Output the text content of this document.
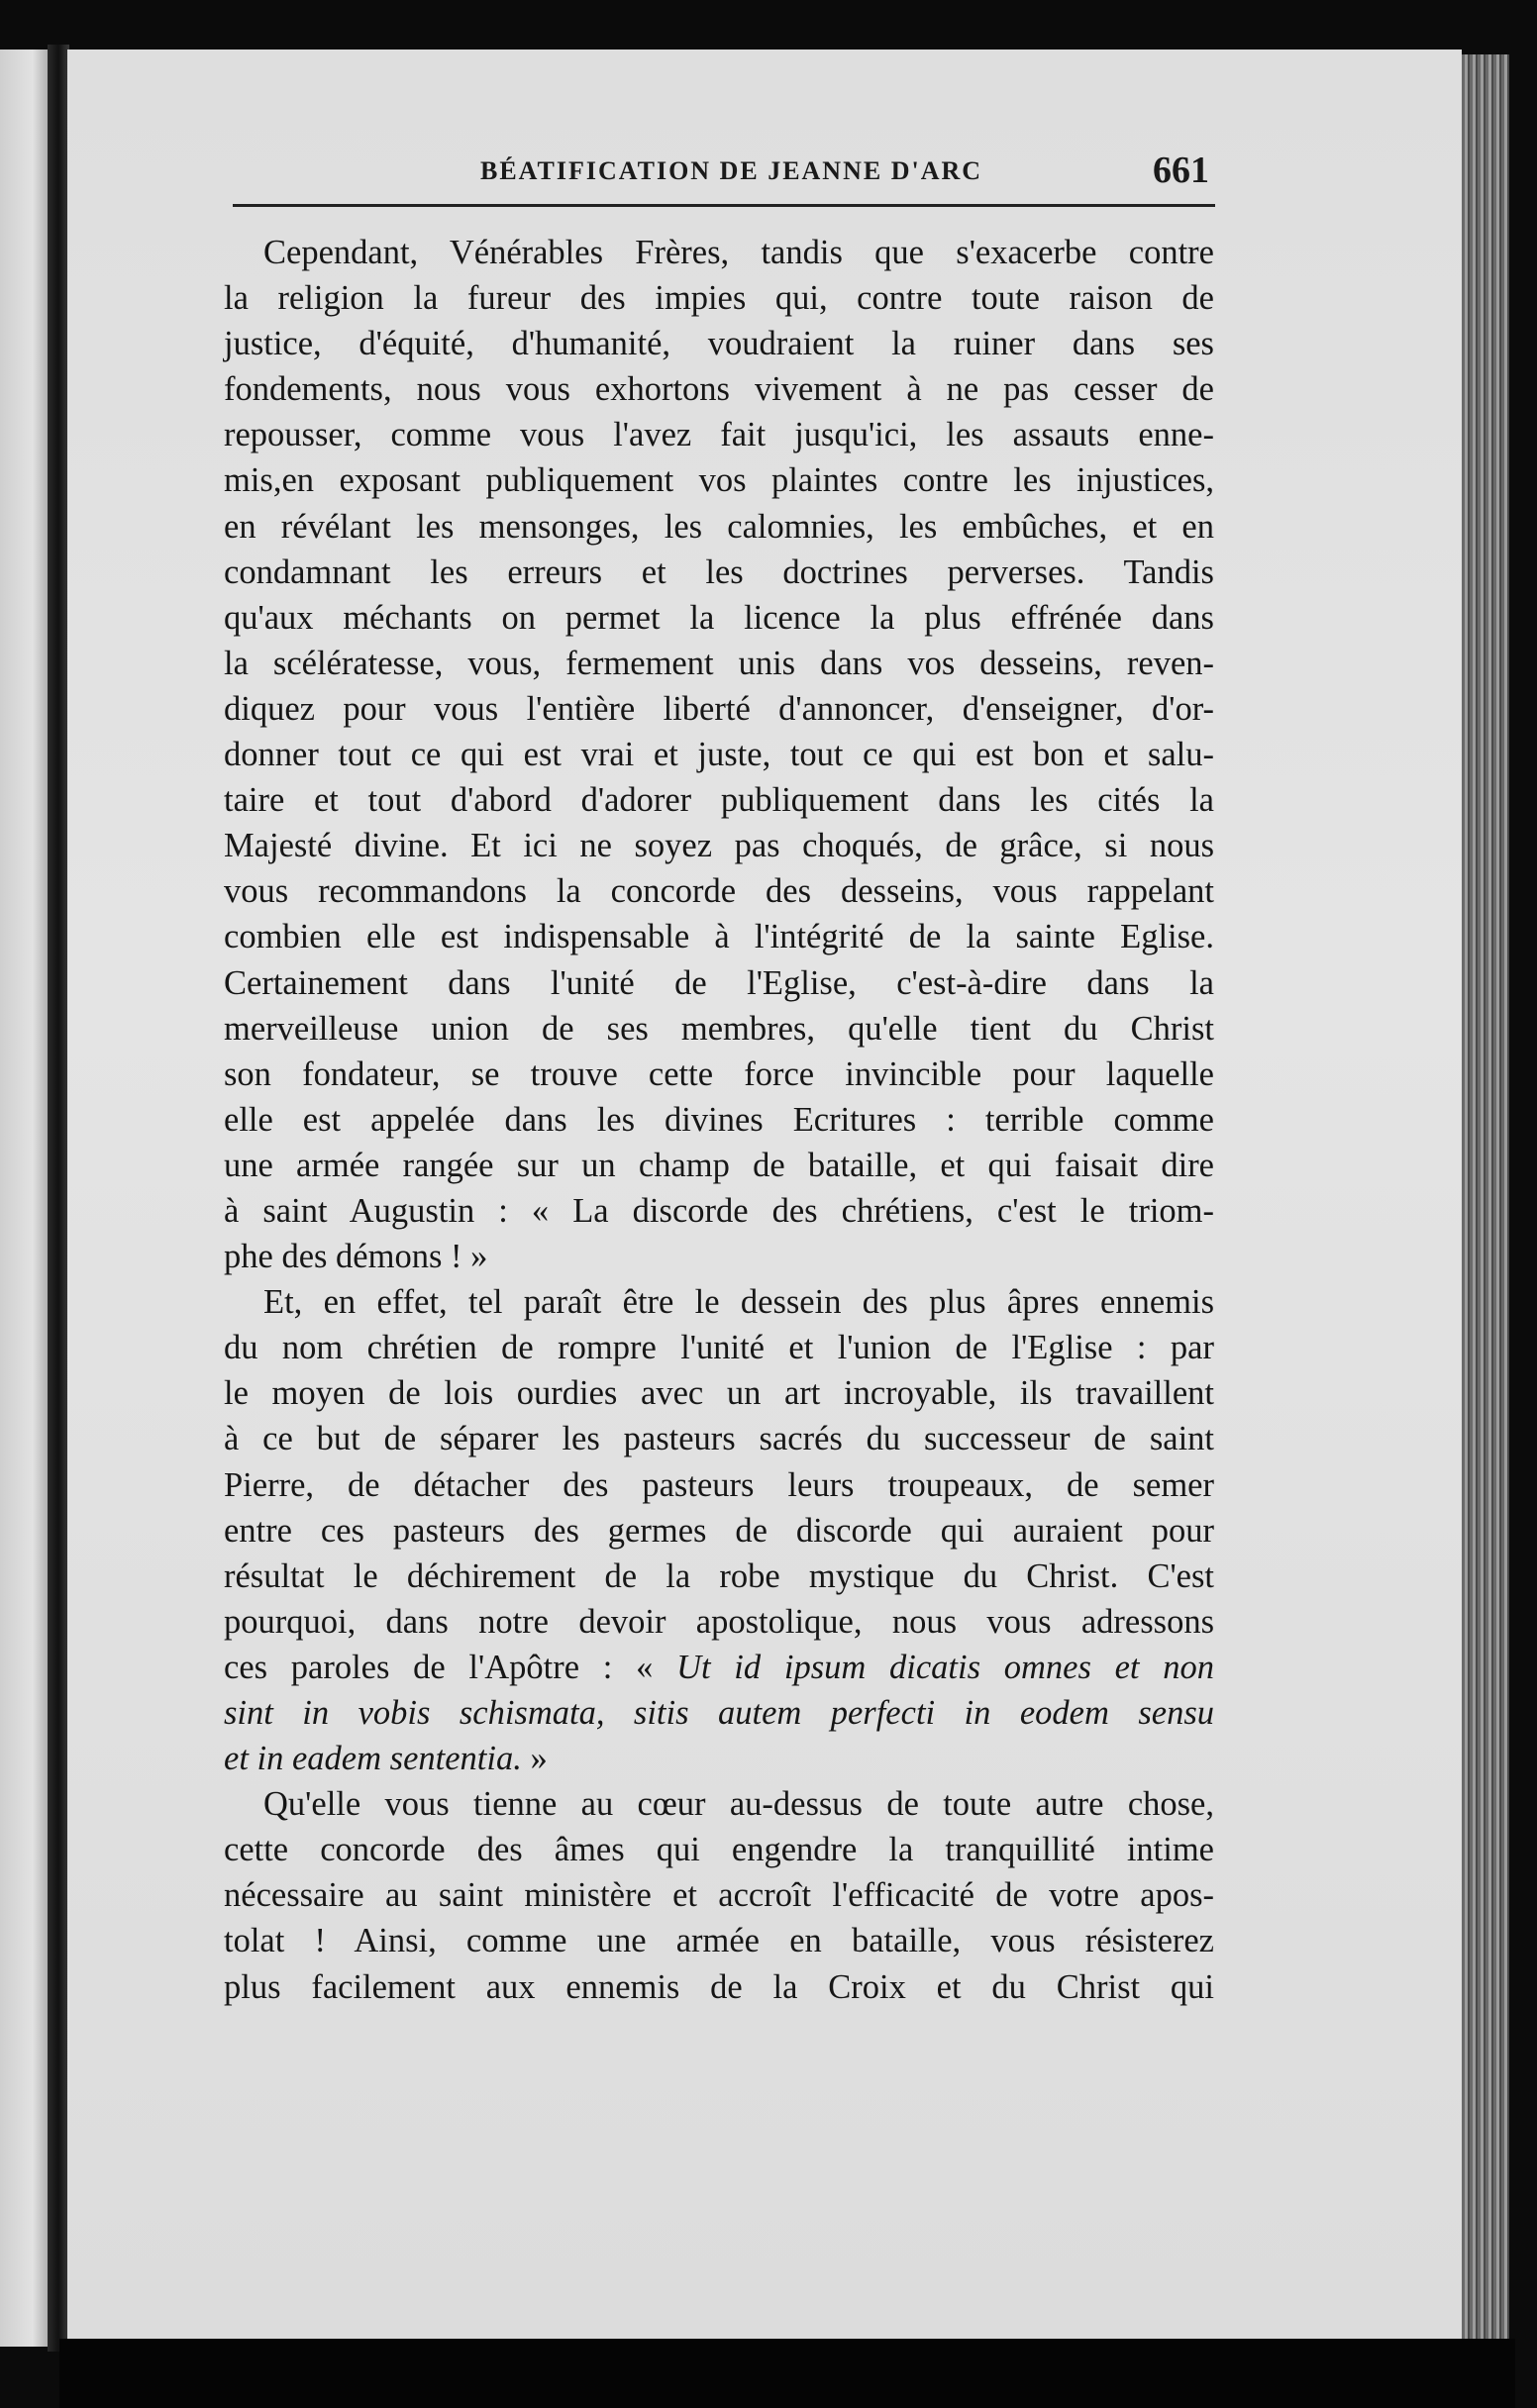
BÉATIFICATION DE JEANNE D'ARC	661
Cependant, Vénérables Frères, tandis que s'exacerbe contre
la religion la fureur des impies qui, contre toute raison de
justice, d'équité, d'humanité, voudraient la ruiner dans ses
fondements, nous vous exhortons vivement à ne pas cesser de
repousser, comme vous l'avez fait jusqu'ici, les assauts enne-
mis,en exposant publiquement vos plaintes contre les injustices,
en révélant les mensonges, les calomnies, les embûches, et en
condamnant les erreurs et les doctrines perverses. Tandis
qu'aux méchants on permet la licence la plus effrénée dans
la scélératesse, vous, fermement unis dans vos desseins, reven-
diquez pour vous l'entière liberté d'annoncer, d'enseigner, d'or-
donner tout ce qui est vrai et juste, tout ce qui est bon et salu-
taire et tout d'abord d'adorer publiquement dans les cités la
Majesté divine. Et ici ne soyez pas choqués, de grâce, si nous
vous recommandons la concorde des desseins, vous rappelant
combien elle est indispensable à l'intégrité de la sainte Eglise.
Certainement dans l'unité de l'Eglise, c'est-à-dire dans la
merveilleuse union de ses membres, qu'elle tient du Christ
son fondateur, se trouve cette force invincible pour laquelle
elle est appelée dans les divines Ecritures : terrible comme
une armée rangée sur un champ de bataille, et qui faisait dire
à saint Augustin : « La discorde des chrétiens, c'est le triom-
phe des démons ! »
Et, en effet, tel paraît être le dessein des plus âpres ennemis
du nom chrétien de rompre l'unité et l'union de l'Eglise : par
le moyen de lois ourdies avec un art incroyable, ils travaillent
à ce but de séparer les pasteurs sacrés du successeur de saint
Pierre, de détacher des pasteurs leurs troupeaux, de semer
entre ces pasteurs des germes de discorde qui auraient pour
résultat le déchirement de la robe mystique du Christ. C'est
pourquoi, dans notre devoir apostolique, nous vous adressons
ces paroles de l'Apôtre : « Ut id ipsum dicatis omnes et non
sint in vobis schismata, sitis autem perfecti in eodem sensu
et in eadem sententia. »
Qu'elle vous tienne au cœur au-dessus de toute autre chose,
cette concorde des âmes qui engendre la tranquillité intime
nécessaire au saint ministère et accroît l'efficacité de votre apos-
tolat ! Ainsi, comme une armée en bataille, vous résisterez
plus facilement aux ennemis de la Croix et du Christ qui
